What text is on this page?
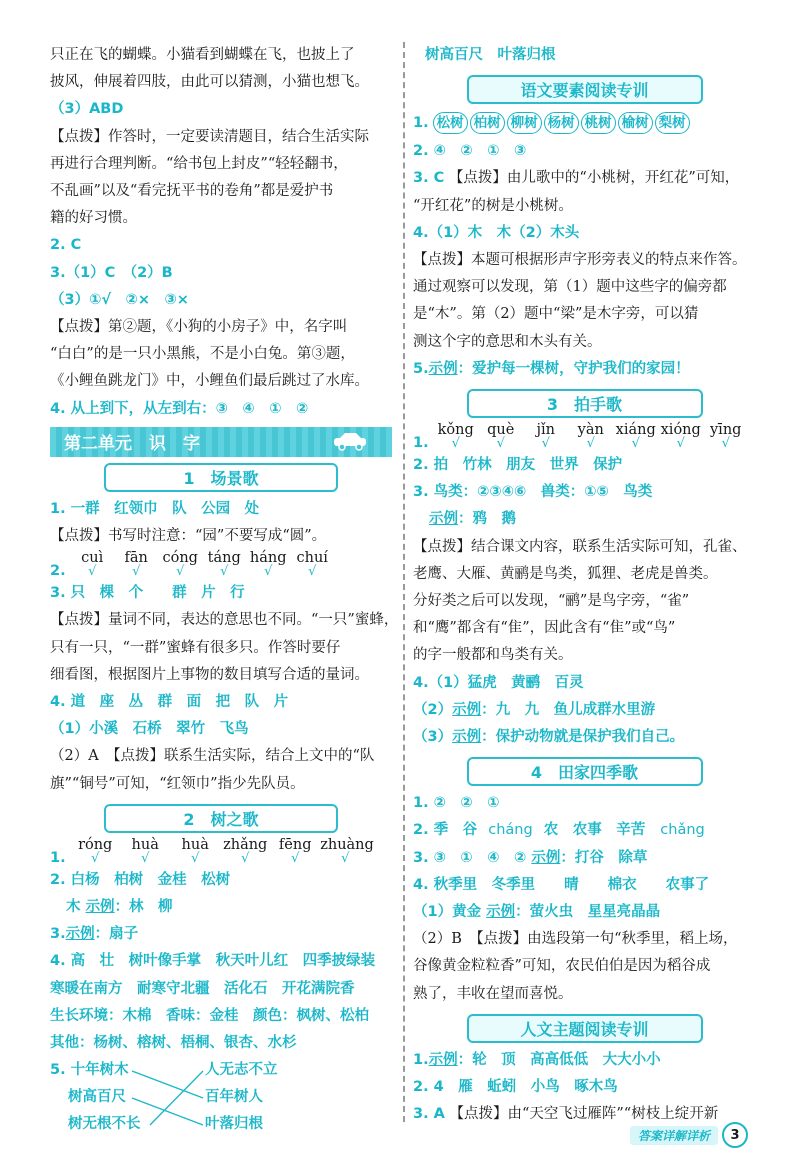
只正在飞的蝴蝶。小猫看到蝴蝶在飞，也披上了
披风，伸展着四肢，由此可以猜测，小猫也想飞。
（3）ABD
【点拨】作答时，一定要读清题目，结合生活实际
再进行合理判断。“给书包上封皮”“轻轻翻书，
不乱画”以及“看完抚平书的卷角”都是爱护书
籍的好习惯。
2. C
3.（1）C　（2）B
（3）①√　②×　③×
【点拨】第②题，《小狗的小房子》中，名字叫
“白白”的是一只小黑熊，不是小白兔。第③题，
《小鲤鱼跳龙门》中，小鲤鱼们最后跳过了水库。
4. 从上到下，从左到右：③　④　①　②
第二单元　识　字
1　场景歌
1. 一群　红领巾　队　公园　处
【点拨】书写时注意：“园”不要写成“圆”。
2. cuì
√
fān
√
cóng
√
táng
√
háng
√
chuí
√
3. 只　棵　个　　群　片　行
【点拨】量词不同，表达的意思也不同。“一只”蜜蜂，
只有一只，“一群”蜜蜂有很多只。作答时要仔
细看图，根据图片上事物的数目填写合适的量词。
4. 道　座　丛　群　面　把　队　片
（1）小溪　石桥　翠竹　飞鸟
（2）A　【点拨】联系生活实际，结合上文中的“队
旗”“铜号”可知，“红领巾”指少先队员。
2　树之歌
1. róng
√
huà
√
huà
√
zhǎng
√
fēng
√
zhuàng
√
2. 白杨　柏树　金桂　松树
木 示例：林　柳
3.示例：扇子
4. 高　壮　树叶像手掌　秋天叶儿红　四季披绿装
寒暖在南方　耐寒守北疆　活化石　开花满院香
生长环境：木棉　香味：金桂　颜色：枫树、松柏
其他：杨树、榕树、梧桐、银杏、水杉
5. 十年树木
树高百尺
树无根不长
人无志不立
百年树人
叶落归根
树高百尺　叶落归根
语文要素阅读专训
1. 松树 柏树 柳树 杨树 桃树 榆树 梨树
2. ④　②　①　③
3. C 【点拨】由儿歌中的“小桃树，开红花”可知，
“开红花”的树是小桃树。
4.（1）木　木（2）木头
【点拨】本题可根据形声字形旁表义的特点来作答。
通过观察可以发现，第（1）题中这些字的偏旁都
是“木”。第（2）题中“梁”是木字旁，可以猜
测这个字的意思和木头有关。
5.示例：爱护每一棵树，守护我们的家园！
3　拍手歌
1. kǒng
√
què
√
jǐn
√
yàn
√
xiáng
√
xióng
√
yīng
√
2. 拍　竹林　朋友　世界　保护
3. 鸟类：②③④⑥　兽类：①⑤　鸟类
示例：鸦　鹅
【点拨】结合课文内容，联系生活实际可知，孔雀、
老鹰、大雁、黄鹂是鸟类，狐狸、老虎是兽类。
分好类之后可以发现，“鹂”是鸟字旁，“雀”
和“鹰”都含有“隹”，因此含有“隹”或“鸟”
的字一般都和鸟类有关。
4.（1）猛虎　黄鹂　百灵
（2）示例：九　九　鱼儿成群水里游
（3）示例：保护动物就是保护我们自己。
4　田家四季歌
1. ②　②　①
2. 季　谷 cháng 农　农事　辛苦 chǎng
3. ③　①　④　② 示例：打谷　除草
4. 秋季里　冬季里　　晴　　棉衣　　农事了
（1）黄金 示例：萤火虫　星星亮晶晶
（2）B　【点拨】由选段第一句“秋季里，稻上场，
谷像黄金粒粒香”可知，农民伯伯是因为稻谷成
熟了，丰收在望而喜悦。
人文主题阅读专训
1.示例：轮　顶　高高低低　大大小小
2. 4　雁　蚯蚓　小鸟　啄木鸟
3. A 【点拨】由“天空飞过雁阵”“树枝上绽开新
答案详解详析	3
